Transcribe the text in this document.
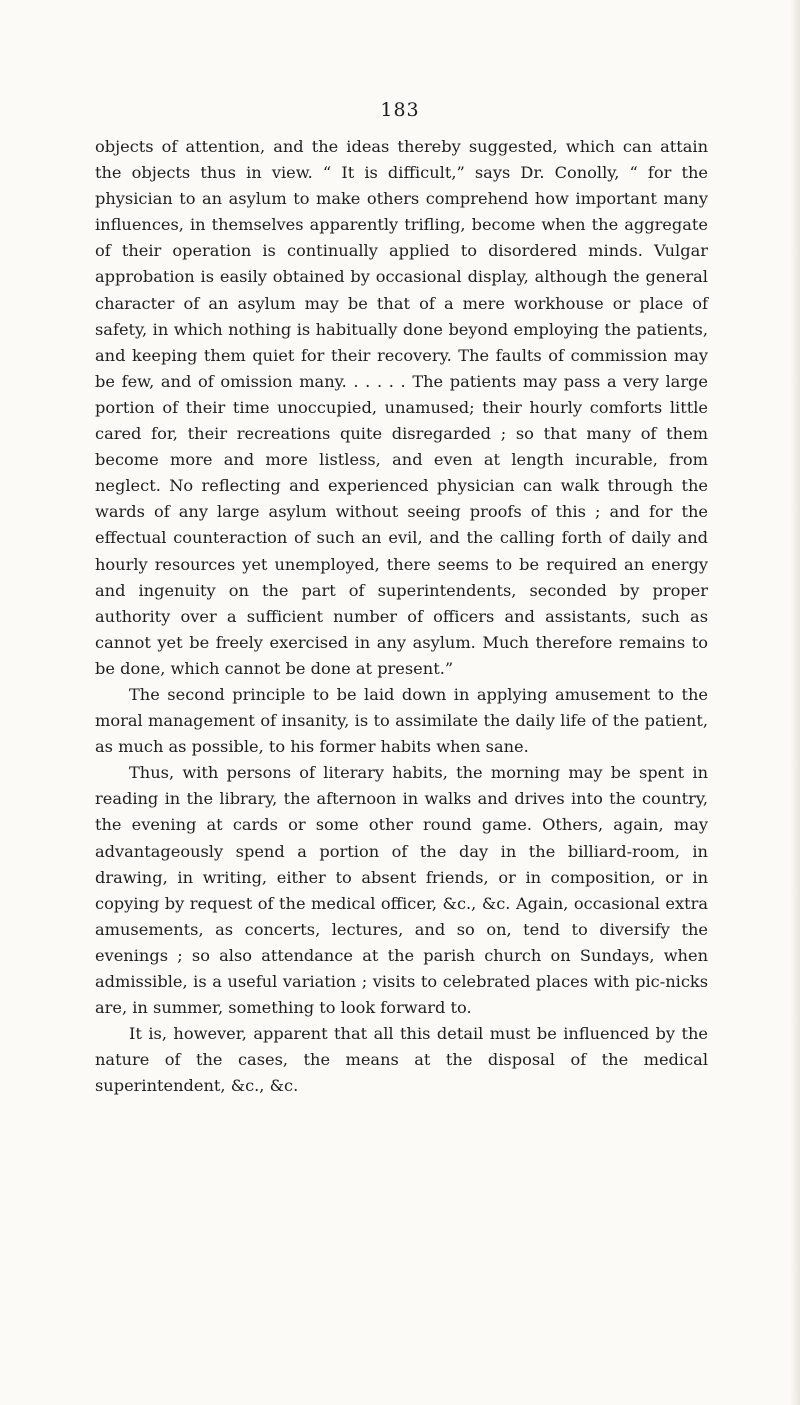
183

objects of attention, and the ideas thereby suggested, which can attain the objects thus in view. “ It is difficult,” says Dr. Conolly, “ for the physician to an asylum to make others comprehend how important many influences, in themselves apparently trifling, become when the aggregate of their operation is continually applied to disordered minds. Vulgar approbation is easily obtained by occasional display, although the general character of an asylum may be that of a mere workhouse or place of safety, in which nothing is habitually done beyond employing the patients, and keeping them quiet for their recovery. The faults of commission may be few, and of omission many. . . . . . The patients may pass a very large portion of their time unoccupied, unamused; their hourly comforts little cared for, their recreations quite disregarded ; so that many of them become more and more listless, and even at length incurable, from neglect. No reflecting and experienced physician can walk through the wards of any large asylum without seeing proofs of this ; and for the effectual counteraction of such an evil, and the calling forth of daily and hourly resources yet unemployed, there seems to be required an energy and ingenuity on the part of superintendents, seconded by proper authority over a sufficient number of officers and assistants, such as cannot yet be freely exercised in any asylum. Much therefore remains to be done, which cannot be done at present.”

The second principle to be laid down in applying amusement to the moral management of insanity, is to assimilate the daily life of the patient, as much as possible, to his former habits when sane.

Thus, with persons of literary habits, the morning may be spent in reading in the library, the afternoon in walks and drives into the country, the evening at cards or some other round game. Others, again, may advantageously spend a portion of the day in the billiard-room, in drawing, in writing, either to absent friends, or in composition, or in copying by request of the medical officer, &c., &c. Again, occasional extra amusements, as concerts, lectures, and so on, tend to diversify the evenings ; so also attendance at the parish church on Sundays, when admissible, is a useful variation ; visits to celebrated places with pic-nicks are, in summer, something to look forward to.

It is, however, apparent that all this detail must be influenced by the nature of the cases, the means at the disposal of the medical superintendent, &c., &c.
